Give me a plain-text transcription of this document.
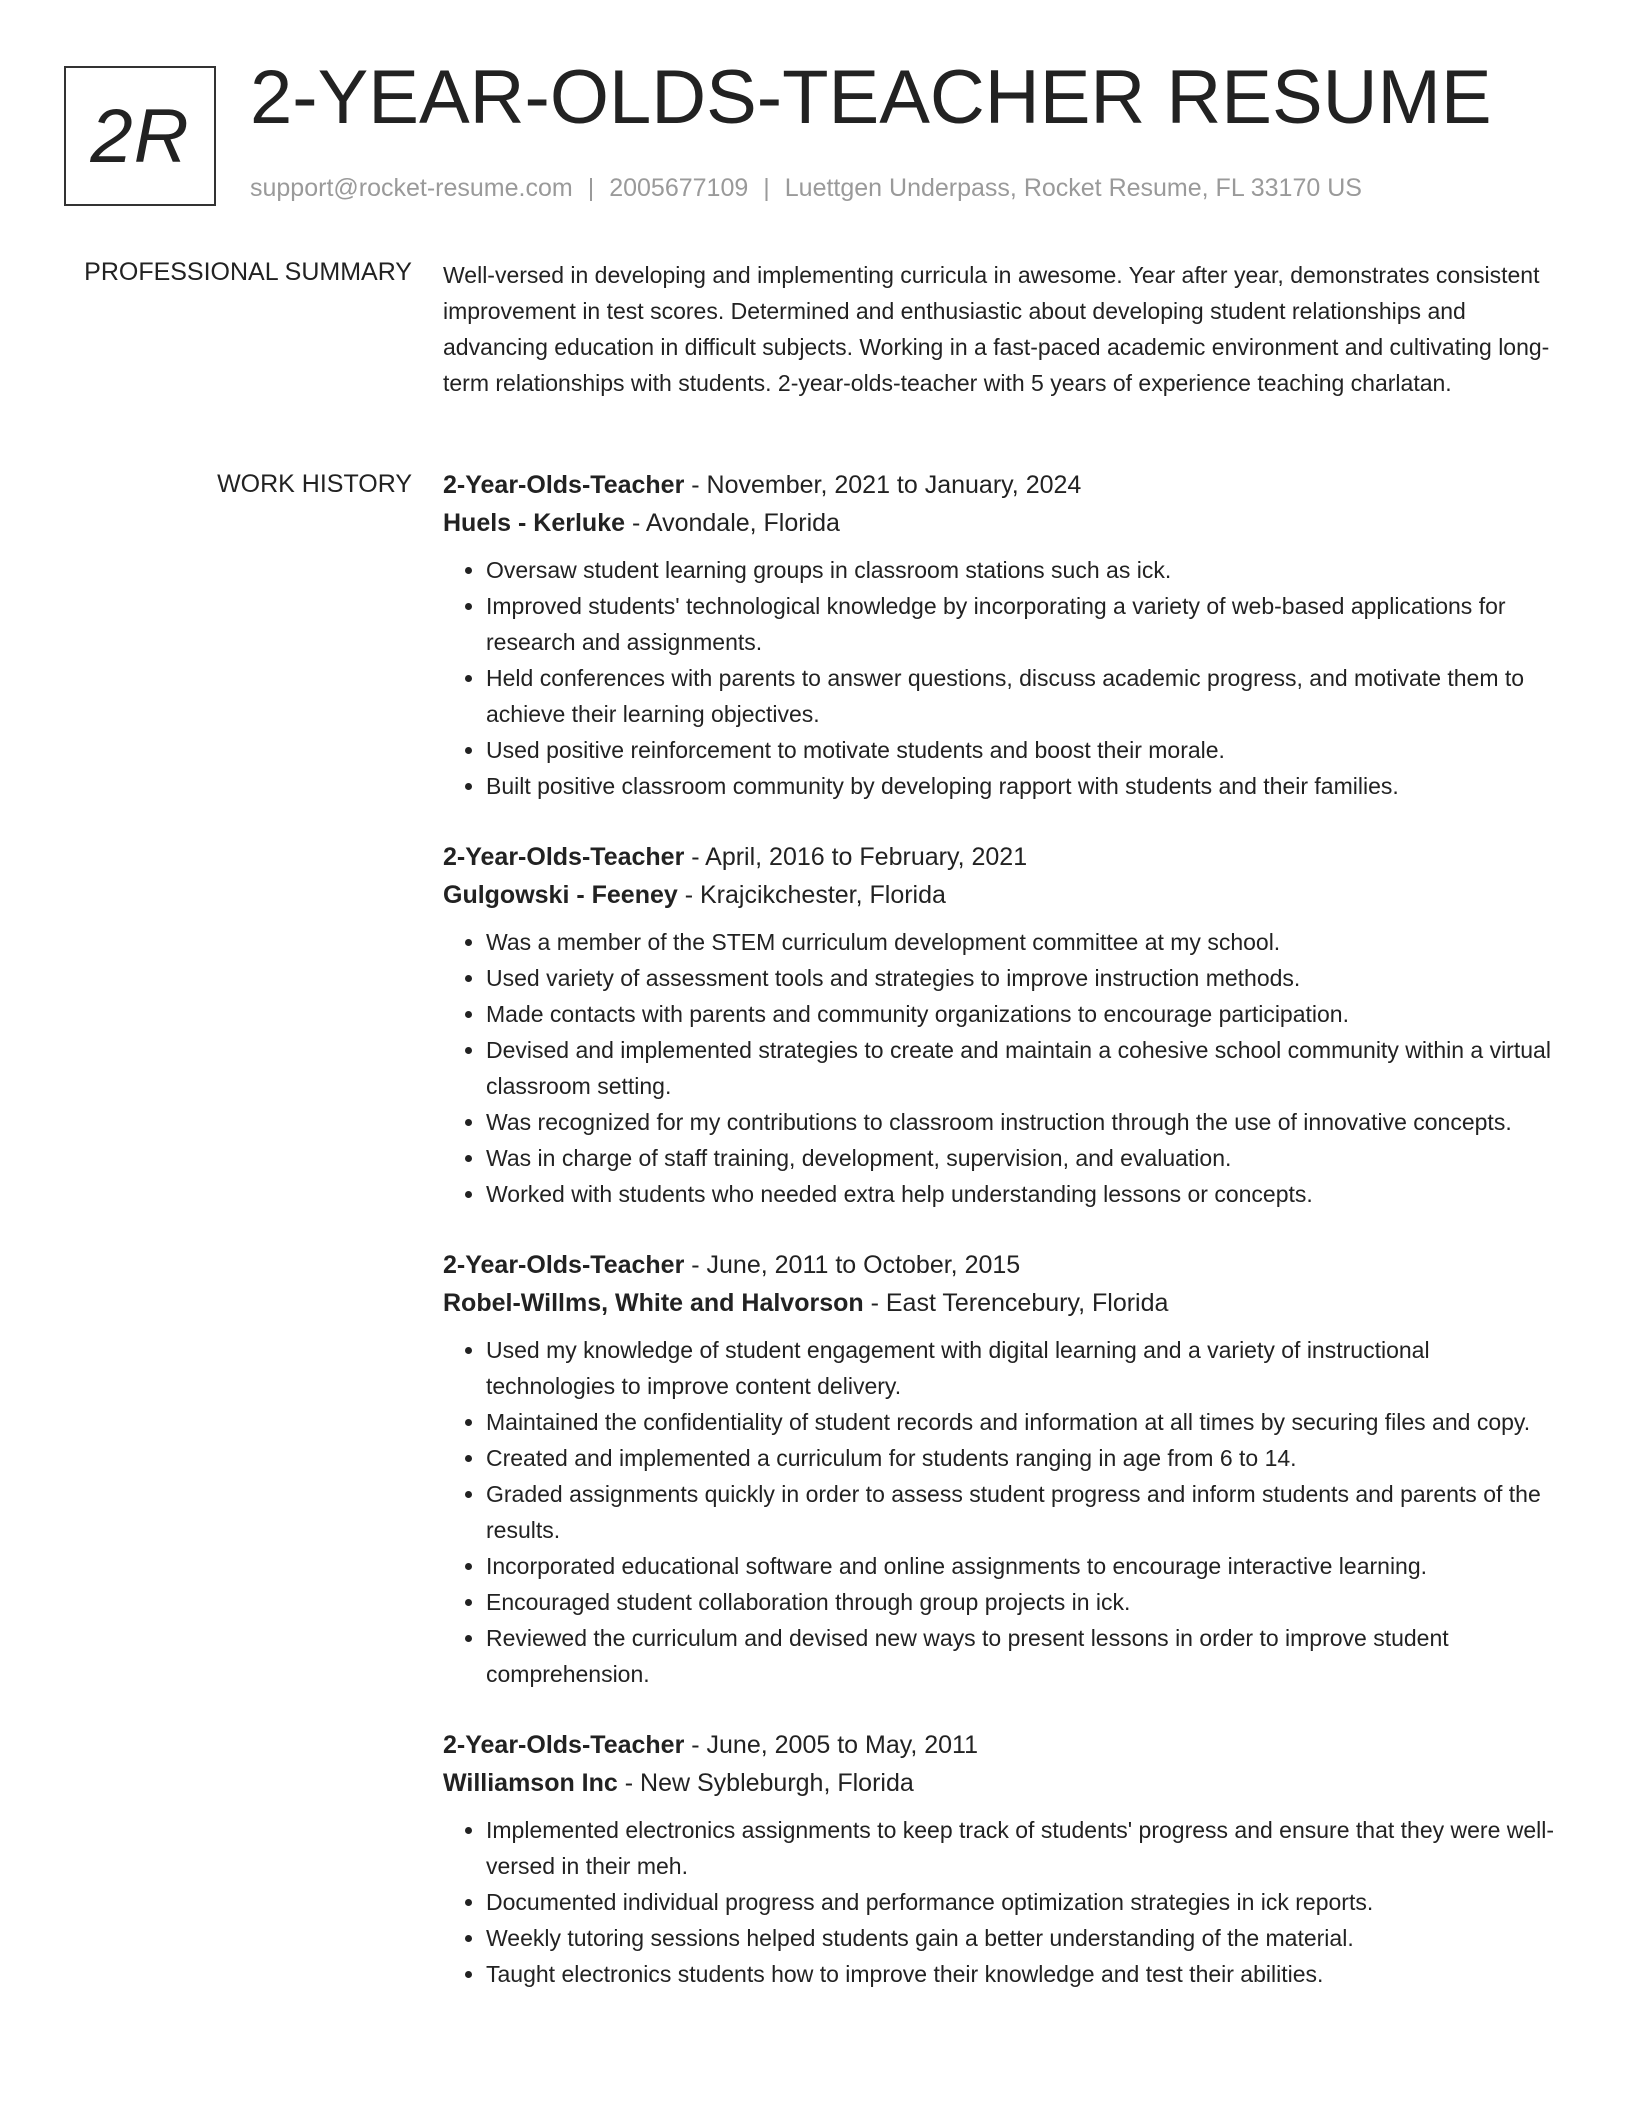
2R 2-YEAR-OLDS-TEACHER RESUME
support@rocket-resume.com | 2005677109 | Luettgen Underpass, Rocket Resume, FL 33170 US
PROFESSIONAL SUMMARY Well-versed in developing and implementing curricula in awesome. Year after year, demonstrates consistent improvement in test scores. Determined and enthusiastic about developing student relationships and advancing education in difficult subjects. Working in a fast-paced academic environment and cultivating long-term relationships with students. 2-year-olds-teacher with 5 years of experience teaching charlatan.

WORK HISTORY 2-Year-Olds-Teacher - November, 2021 to January, 2024
Huels - Kerluke - Avondale, Florida
• Oversaw student learning groups in classroom stations such as ick.
• Improved students' technological knowledge by incorporating a variety of web-based applications for research and assignments.
• Held conferences with parents to answer questions, discuss academic progress, and motivate them to achieve their learning objectives.
• Used positive reinforcement to motivate students and boost their morale.
• Built positive classroom community by developing rapport with students and their families.
2-Year-Olds-Teacher - April, 2016 to February, 2021
Gulgowski - Feeney - Krajcikchester, Florida
• Was a member of the STEM curriculum development committee at my school.
• Used variety of assessment tools and strategies to improve instruction methods.
• Made contacts with parents and community organizations to encourage participation.
• Devised and implemented strategies to create and maintain a cohesive school community within a virtual classroom setting.
• Was recognized for my contributions to classroom instruction through the use of innovative concepts.
• Was in charge of staff training, development, supervision, and evaluation.
• Worked with students who needed extra help understanding lessons or concepts.
2-Year-Olds-Teacher - June, 2011 to October, 2015
Robel-Willms, White and Halvorson - East Terencebury, Florida
• Used my knowledge of student engagement with digital learning and a variety of instructional technologies to improve content delivery.
• Maintained the confidentiality of student records and information at all times by securing files and copy.
• Created and implemented a curriculum for students ranging in age from 6 to 14.
• Graded assignments quickly in order to assess student progress and inform students and parents of the results.
• Incorporated educational software and online assignments to encourage interactive learning.
• Encouraged student collaboration through group projects in ick.
• Reviewed the curriculum and devised new ways to present lessons in order to improve student comprehension.
2-Year-Olds-Teacher - June, 2005 to May, 2011
Williamson Inc - New Sybleburgh, Florida
• Implemented electronics assignments to keep track of students' progress and ensure that they were well-versed in their meh.
• Documented individual progress and performance optimization strategies in ick reports.
• Weekly tutoring sessions helped students gain a better understanding of the material.
• Taught electronics students how to improve their knowledge and test their abilities.
